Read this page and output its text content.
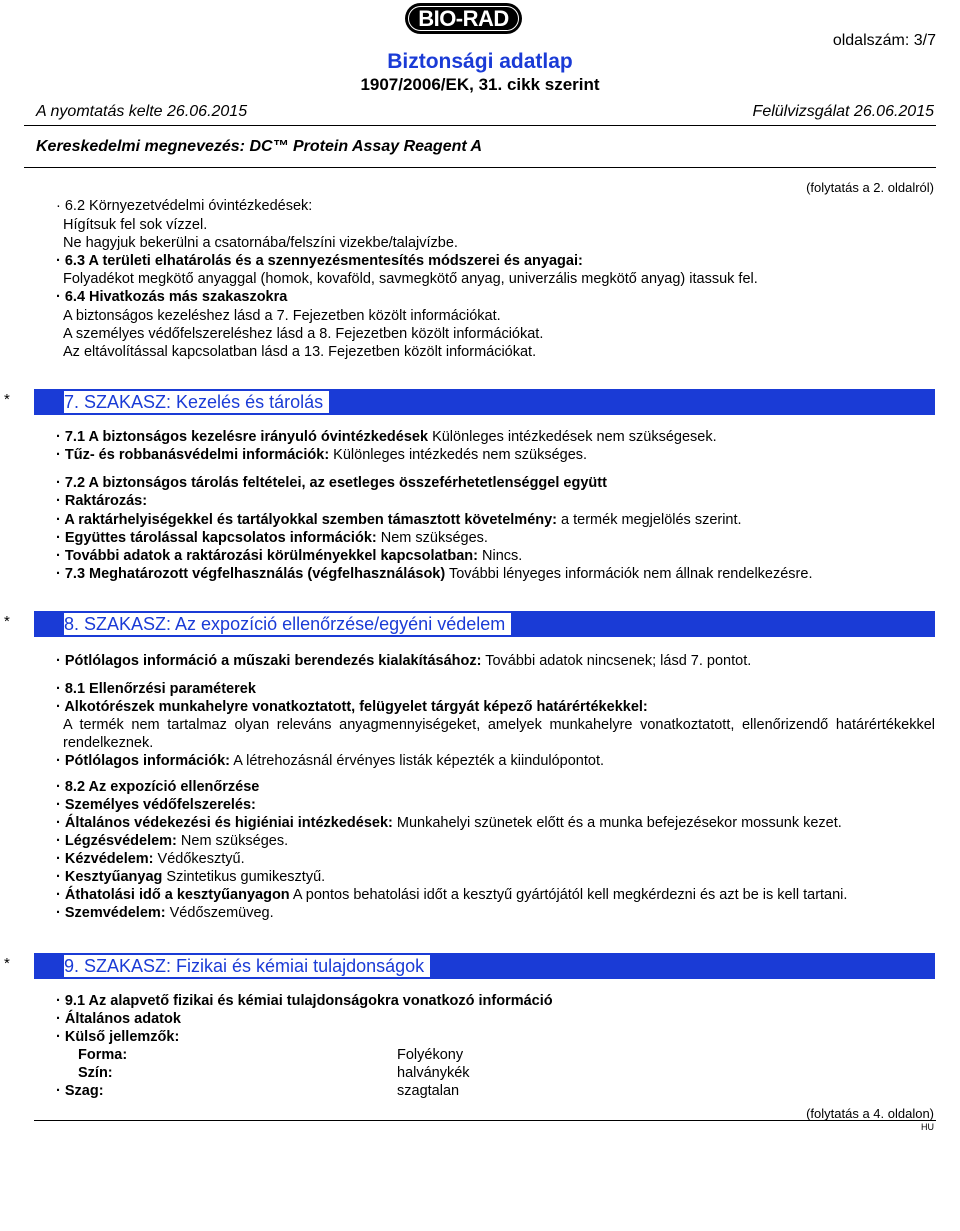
BIO-RAD
oldalszám: 3/7
Biztonsági adatlap
1907/2006/EK, 31. cikk szerint
A nyomtatás kelte 26.06.2015	Felülvizsgálat 26.06.2015
Kereskedelmi megnevezés: DC™ Protein Assay Reagent A
(folytatás a 2. oldalról)
· 6.2 Környezetvédelmi óvintézkedések:
Hígítsuk fel sok vízzel.
Ne hagyjuk bekerülni a csatornába/felszíni vizekbe/talajvízbe.
· 6.3 A területi elhatárolás és a szennyezésmentesítés módszerei és anyagai:
Folyadékot megkötő anyaggal (homok, kovaföld, savmegkötő anyag, univerzális megkötő anyag) itassuk fel.
· 6.4 Hivatkozás más szakaszokra
A biztonságos kezeléshez lásd a 7. Fejezetben közölt információkat.
A személyes védőfelszereléshez lásd a 8. Fejezetben közölt információkat.
Az eltávolítással kapcsolatban lásd a 13. Fejezetben közölt információkat.
*	7. SZAKASZ: Kezelés és tárolás
· 7.1 A biztonságos kezelésre irányuló óvintézkedések Különleges intézkedések nem szükségesek.
· Tűz- és robbanásvédelmi információk: Különleges intézkedés nem szükséges.
· 7.2 A biztonságos tárolás feltételei, az esetleges összeférhetetlenséggel együtt
· Raktározás:
· A raktárhelyiségekkel és tartályokkal szemben támasztott követelmény: a termék megjelölés szerint.
· Együttes tárolással kapcsolatos információk: Nem szükséges.
· További adatok a raktározási körülményekkel kapcsolatban: Nincs.
· 7.3 Meghatározott végfelhasználás (végfelhasználások) További lényeges információk nem állnak rendelkezésre.
*	8. SZAKASZ: Az expozíció ellenőrzése/egyéni védelem
· Pótlólagos információ a műszaki berendezés kialakításához: További adatok nincsenek; lásd 7. pontot.
· 8.1 Ellenőrzési paraméterek
· Alkotórészek munkahelyre vonatkoztatott, felügyelet tárgyát képező határértékekkel:
A termék nem tartalmaz olyan releváns anyagmennyiségeket, amelyek munkahelyre vonatkoztatott, ellenőrizendő határértékekkel rendelkeznek.
· Pótlólagos információk: A létrehozásnál érvényes listák képezték a kiindulópontot.
· 8.2 Az expozíció ellenőrzése
· Személyes védőfelszerelés:
· Általános védekezési és higiéniai intézkedések: Munkahelyi szünetek előtt és a munka befejezésekor mossunk kezet.
· Légzésvédelem: Nem szükséges.
· Kézvédelem: Védőkesztyű.
· Kesztyűanyag Szintetikus gumikesztyű.
· Áthatolási idő a kesztyűanyagon A pontos behatolási időt a kesztyű gyártójától kell megkérdezni és azt be is kell tartani.
· Szemvédelem: Védőszemüveg.
*	9. SZAKASZ: Fizikai és kémiai tulajdonságok
· 9.1 Az alapvető fizikai és kémiai tulajdonságokra vonatkozó információ
· Általános adatok
· Külső jellemzők:
Forma:	Folyékony
Szín:	halványkék
· Szag:	szagtalan
(folytatás a 4. oldalon)
HU
